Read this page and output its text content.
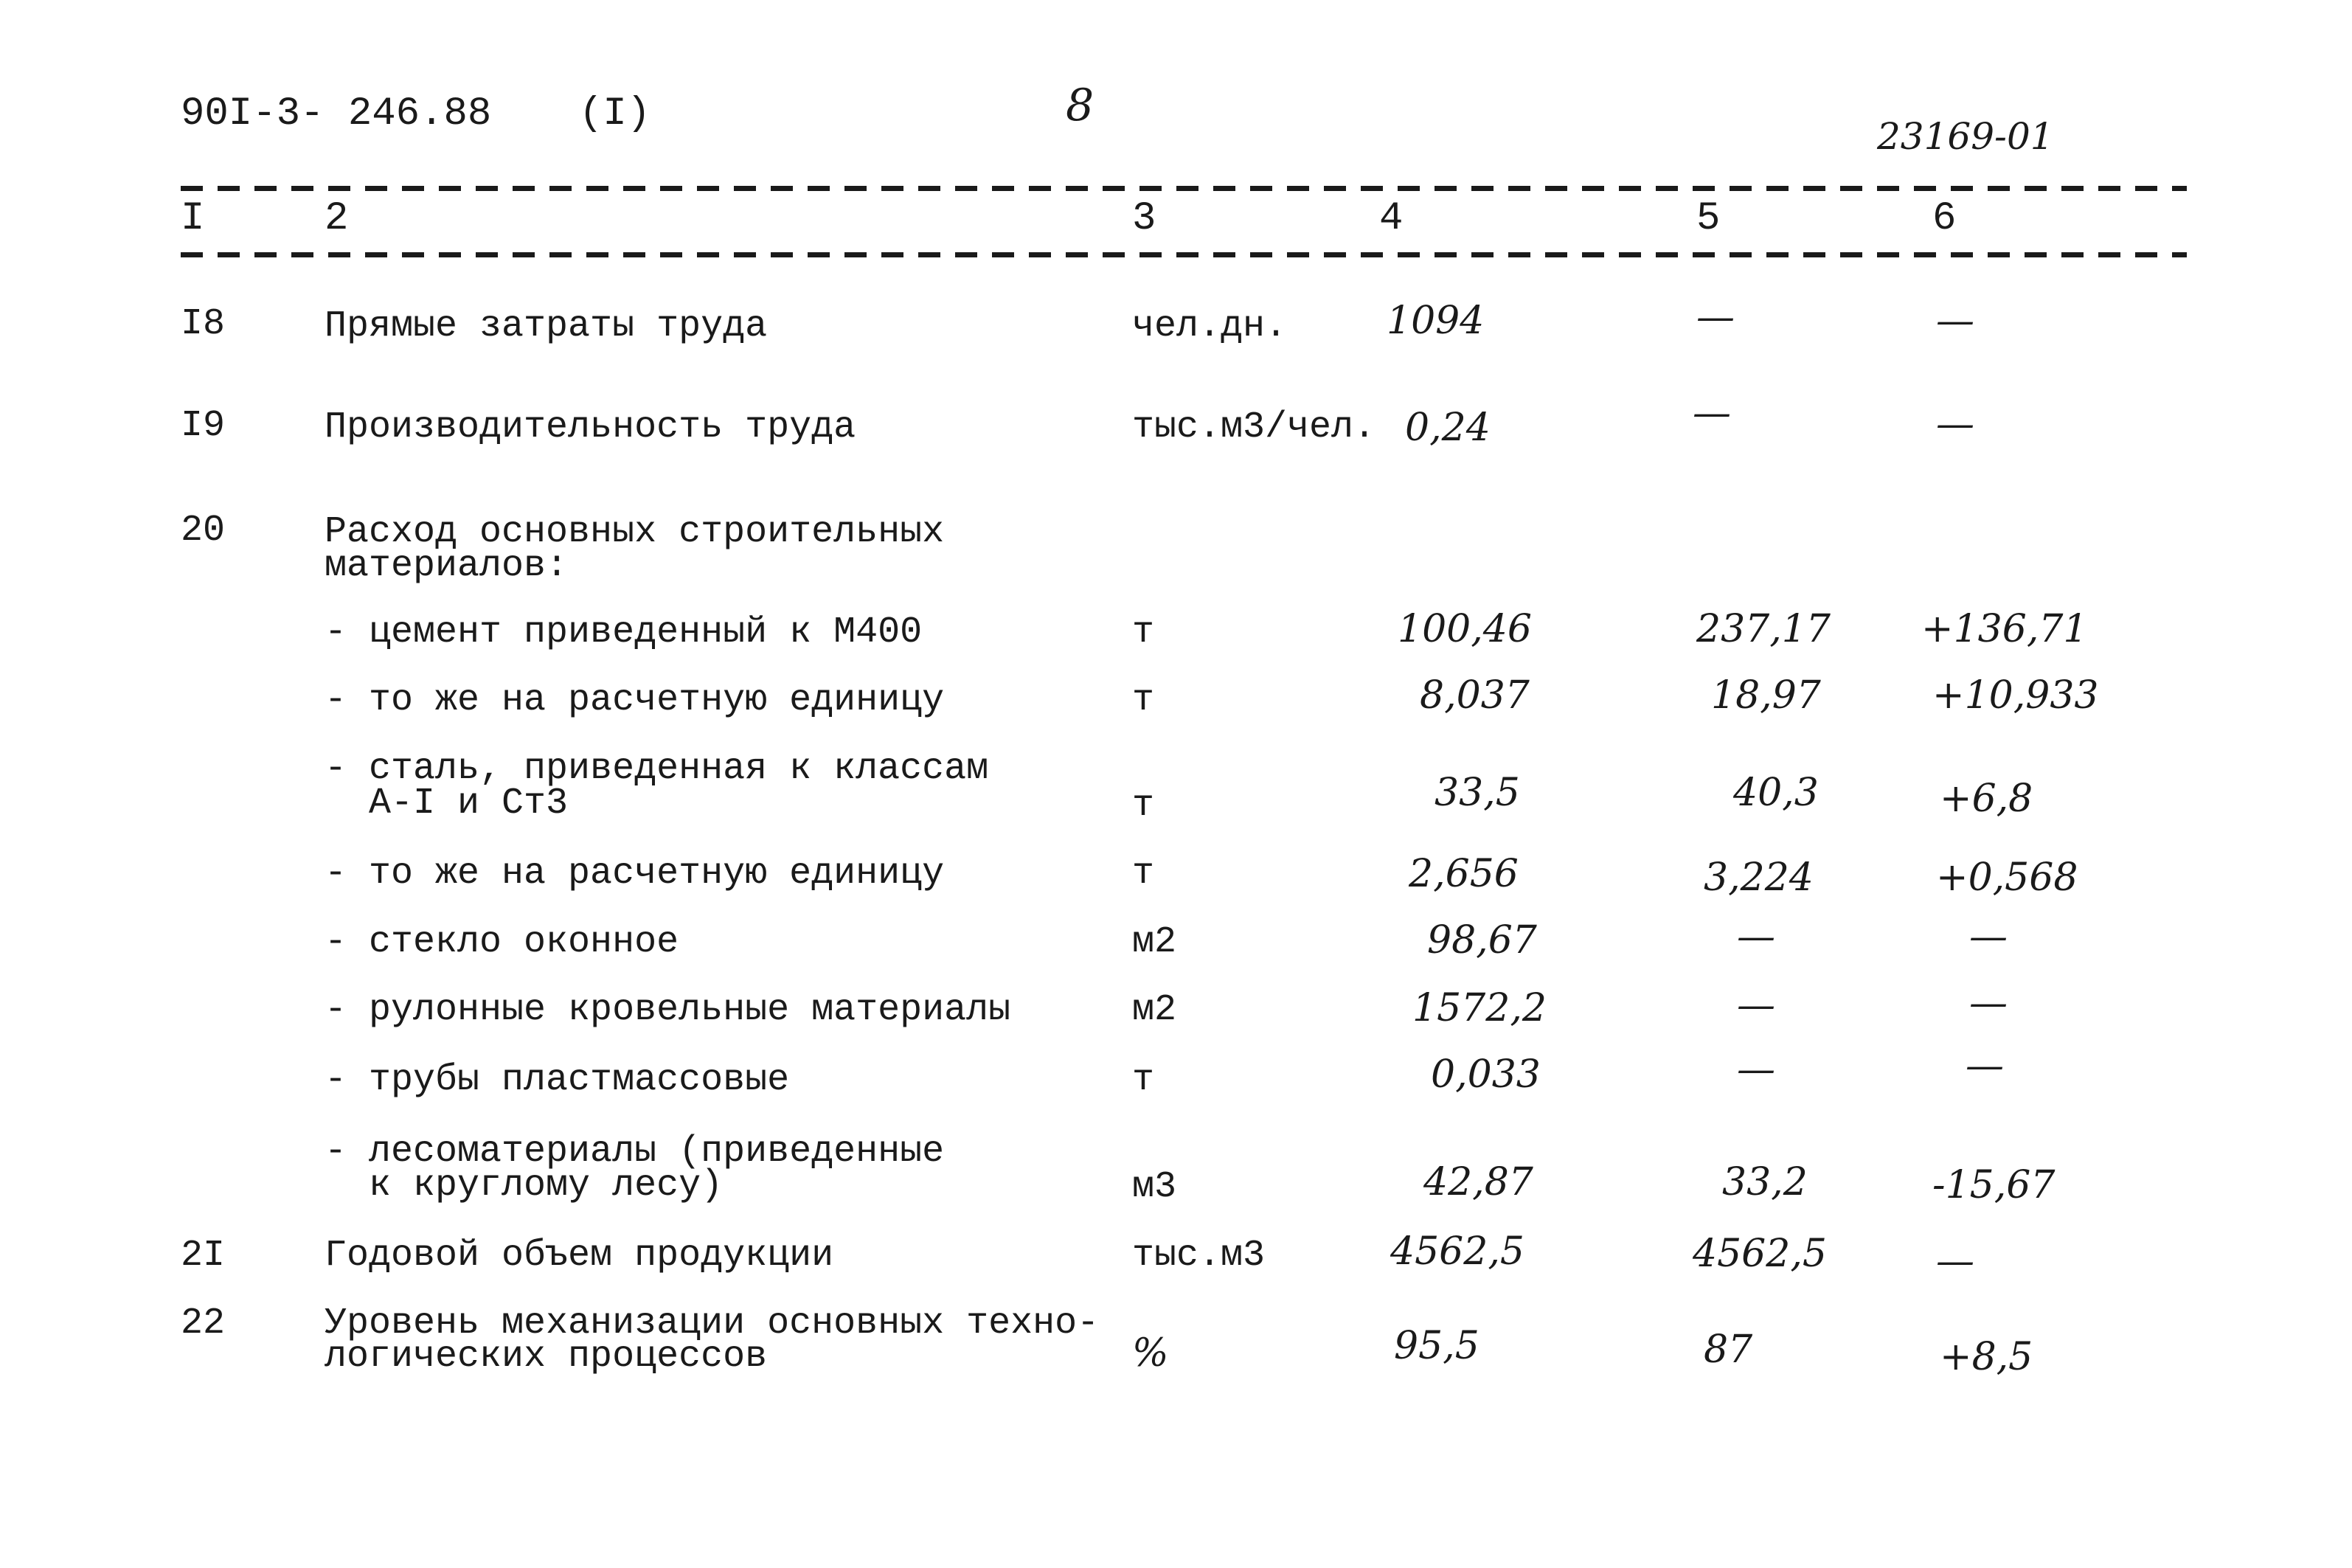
90I-3- 246.88 (I)	8
23169-01
I	2	3	4	5	6
I8	Прямые затраты труда	чел.дн.	1094	—	—
I9	Производительность труда	тыс.м3/чел. 0,24	—	—
20	Расход основных строительных
материалов:
- цемент приведенный к М400	т	100,46	237,17 +136,71
- то же на расчетную единицу	т	8,037	18,97	+10,933
- сталь, приведенная к классам
А-I и Ст3	т	33,5	40,3	+6,8
- то же на расчетную единицу	т	2,656	3,224	+0,568
- стекло оконное	м2	98,67	—	—
- рулонные кровельные материалы	м2	1572,2	—	—
- трубы пластмассовые	т	0,033	—	—
- лесоматериалы (приведенные
к круглому лесу)	м3	42,87	33,2	-15,67
2I	Годовой объем продукции	тыс.м3	4562,5	4562,5	—
22	Уровень механизации основных техно-
логических процессов	%	95,5	87	+8,5
